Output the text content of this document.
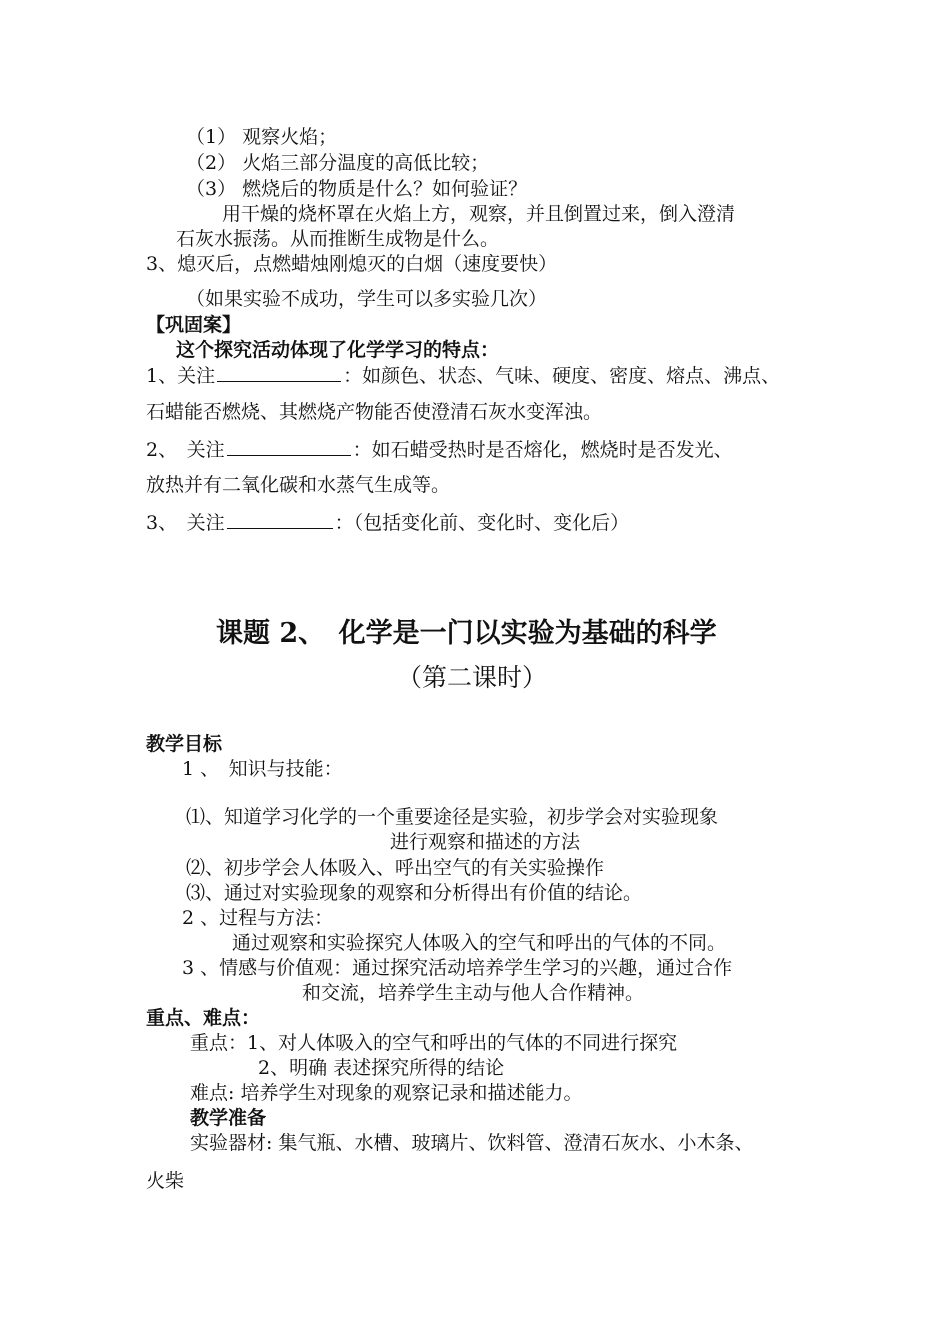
（1） 观察火焰；
（2） 火焰三部分温度的高低比较；
（3） 燃烧后的物质是什么？如何验证？
用干燥的烧杯罩在火焰上方，观察，并且倒置过来，倒入澄清
石灰水振荡。从而推断生成物是什么。
3、熄灭后，点燃蜡烛刚熄灭的白烟（速度要快）
（如果实验不成功，学生可以多实验几次）
【巩固案】
这个探究活动体现了化学学习的特点：
1、关注	：如颜色、状态、气味、硬度、密度、熔点、沸点、
石蜡能否燃烧、其燃烧产物能否使澄清石灰水变浑浊。
2、　关注	：如石蜡受热时是否熔化，燃烧时是否发光、
放热并有二氧化碳和水蒸气生成等。
3、　关注	：（包括变化前、变化时、变化后）
课题 2、　化学是一门以实验为基础的科学
（第二课时）
教学目标
1 、　知识与技能：
⑴、知道学习化学的一个重要途径是实验，初步学会对实验现象
进行观察和描述的方法
⑵、初步学会人体吸入、呼出空气的有关实验操作
⑶、通过对实验现象的观察和分析得出有价值的结论。
2 、过程与方法：
通过观察和实验探究人体吸入的空气和呼出的气体的不同。
3 、情感与价值观：通过探究活动培养学生学习的兴趣，通过合作
和交流，培养学生主动与他人合作精神。
重点、难点：
重点：1、对人体吸入的空气和呼出的气体的不同进行探究
2、明确 表述探究所得的结论
难点: 培养学生对现象的观察记录和描述能力。
教学准备
实验器材: 集气瓶、水槽、玻璃片、饮料管、澄清石灰水、小木条、
火柴
